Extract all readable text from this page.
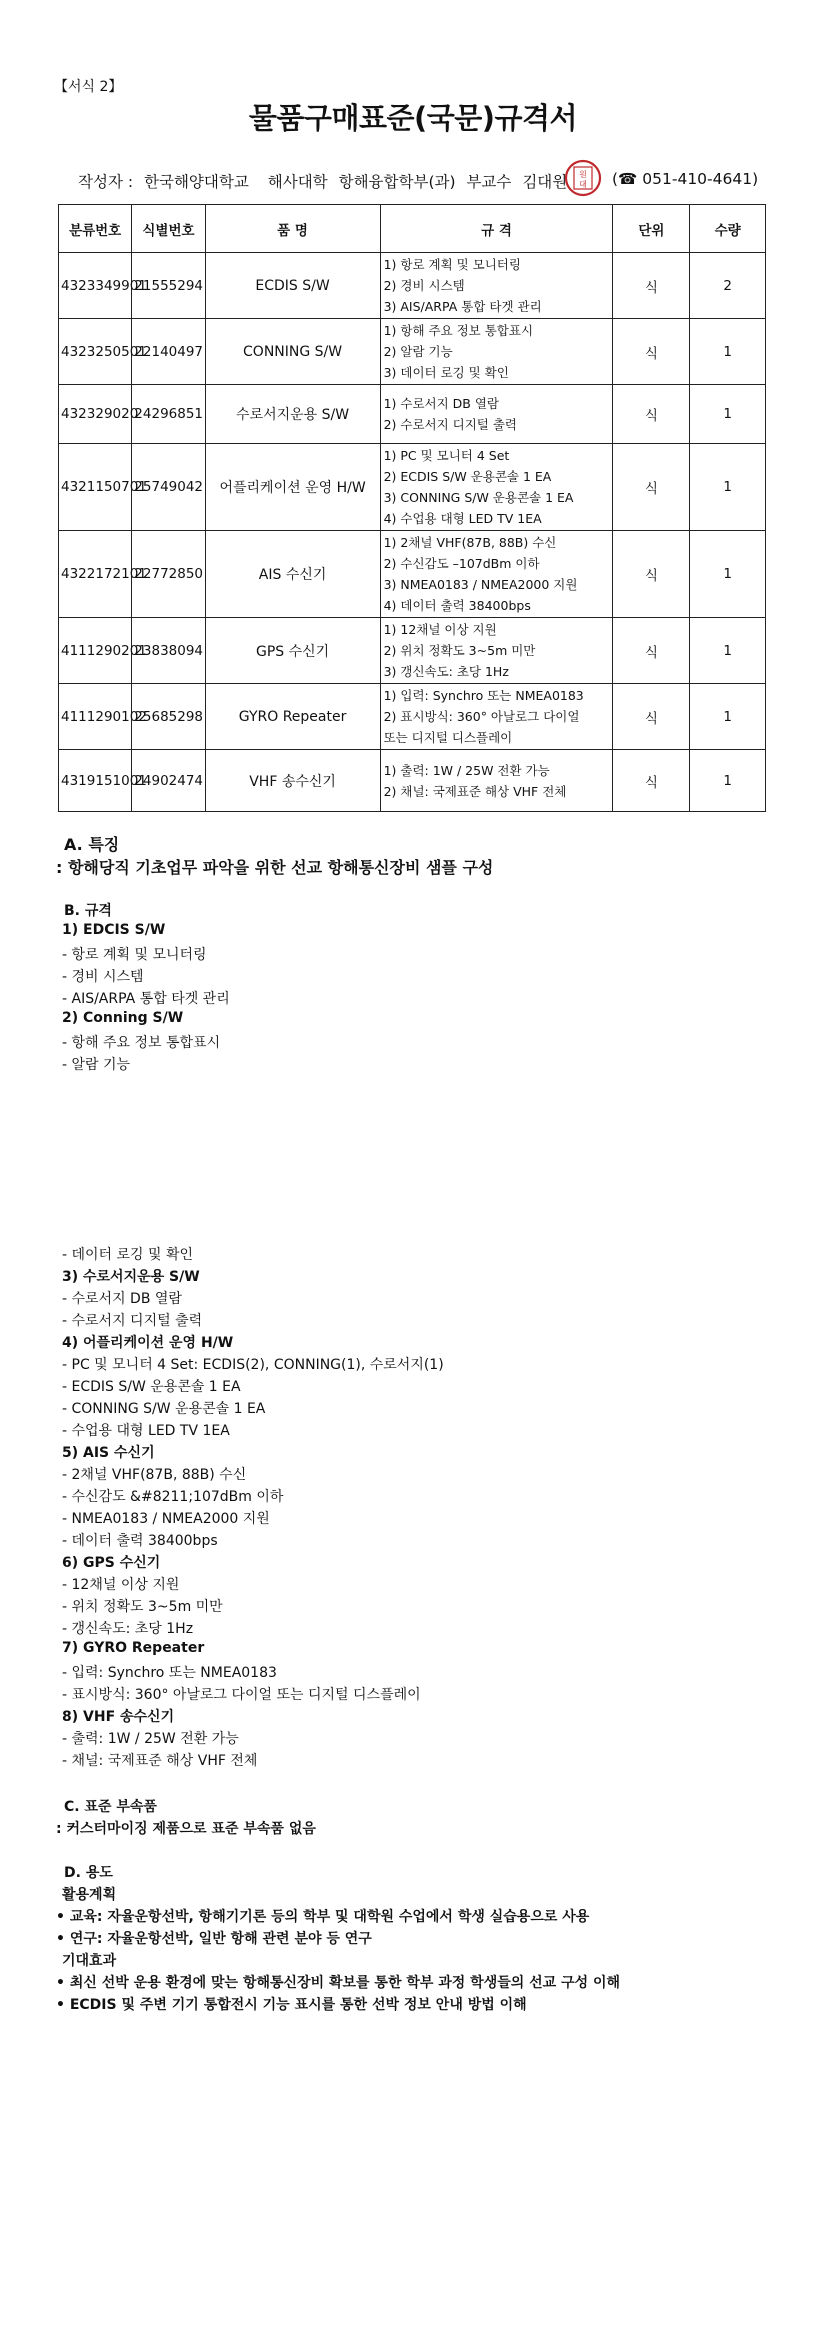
【서식 2】
물품구매표준(국문)규격서
작성자 : 한국해양대학교 해사대학 항해융합학부(과) 부교수 김대원	원
대 (☎ 051-410-4641)
분류번호	식별번호	품 명	규 격	단위	수량
4323349901	21555294	ECDIS S/W	1) 항로 계획 및 모니터링
2) 경비 시스템
3) AIS/ARPA 통합 타겟 관리	식	2
4323250501	22140497	CONNING S/W	1) 항해 주요 정보 통합표시
2) 알람 기능
3) 데이터 로깅 및 확인	식	1
432329020	24296851	수로서지운용 S/W	1) 수로서지 DB 열람
2) 수로서지 디지털 출력	식	1
4321150701	25749042	어플리케이션 운영 H/W	1) PC 및 모니터 4 Set
2) ECDIS S/W 운용콘솔 1 EA
3) CONNING S/W 운용콘솔 1 EA
4) 수업용 대형 LED TV 1EA	식	1
4322172101	22772850	AIS 수신기	1) 2채널 VHF(87B, 88B) 수신
2) 수신감도 –107dBm 이하
3) NMEA0183 / NMEA2000 지원
4) 데이터 출력 38400bps	식	1
4111290201	23838094	GPS 수신기	1) 12채널 이상 지원
2) 위치 정확도 3~5m 미만
3) 갱신속도: 초당 1Hz	식	1
4111290102	25685298	GYRO Repeater	1) 입력: Synchro 또는 NMEA0183
2) 표시방식: 360° 아날로그 다이얼
또는 디지털 디스플레이	식	1
4319151001	24902474	VHF 송수신기	1) 출력: 1W / 25W 전환 가능
2) 채널: 국제표준 해상 VHF 전체	식	1
A. 특징
: 항해당직 기초업무 파악을 위한 선교 항해통신장비 샘플 구성
B. 규격
1) EDCIS S/W
- 항로 계획 및 모니터링
- 경비 시스템
- AIS/ARPA 통합 타겟 관리
2) Conning S/W
- 항해 주요 정보 통합표시
- 알람 기능
- 데이터 로깅 및 확인
3) 수로서지운용 S/W
- 수로서지 DB 열람
- 수로서지 디지털 출력
4) 어플리케이션 운영 H/W
- PC 및 모니터 4 Set: ECDIS(2), CONNING(1), 수로서지(1)
- ECDIS S/W 운용콘솔 1 EA
- CONNING S/W 운용콘솔 1 EA
- 수업용 대형 LED TV 1EA
5) AIS 수신기
- 2채널 VHF(87B, 88B) 수신
- 수신감도 &#8211;107dBm 이하
- NMEA0183 / NMEA2000 지원
- 데이터 출력 38400bps
6) GPS 수신기
- 12채널 이상 지원
- 위치 정확도 3~5m 미만
- 갱신속도: 초당 1Hz
7) GYRO Repeater
- 입력: Synchro 또는 NMEA0183
- 표시방식: 360° 아날로그 다이얼 또는 디지털 디스플레이
8) VHF 송수신기
- 출력: 1W / 25W 전환 가능
- 채널: 국제표준 해상 VHF 전체
C. 표준 부속품
: 커스터마이징 제품으로 표준 부속품 없음
D. 용도
활용계획
• 교육: 자율운항선박, 항해기기론 등의 학부 및 대학원 수업에서 학생 실습용으로 사용
• 연구: 자율운항선박, 일반 항해 관련 분야 등 연구
기대효과
• 최신 선박 운용 환경에 맞는 항해통신장비 확보를 통한 학부 과정 학생들의 선교 구성 이해
• ECDIS 및 주변 기기 통합전시 기능 표시를 통한 선박 정보 안내 방법 이해
